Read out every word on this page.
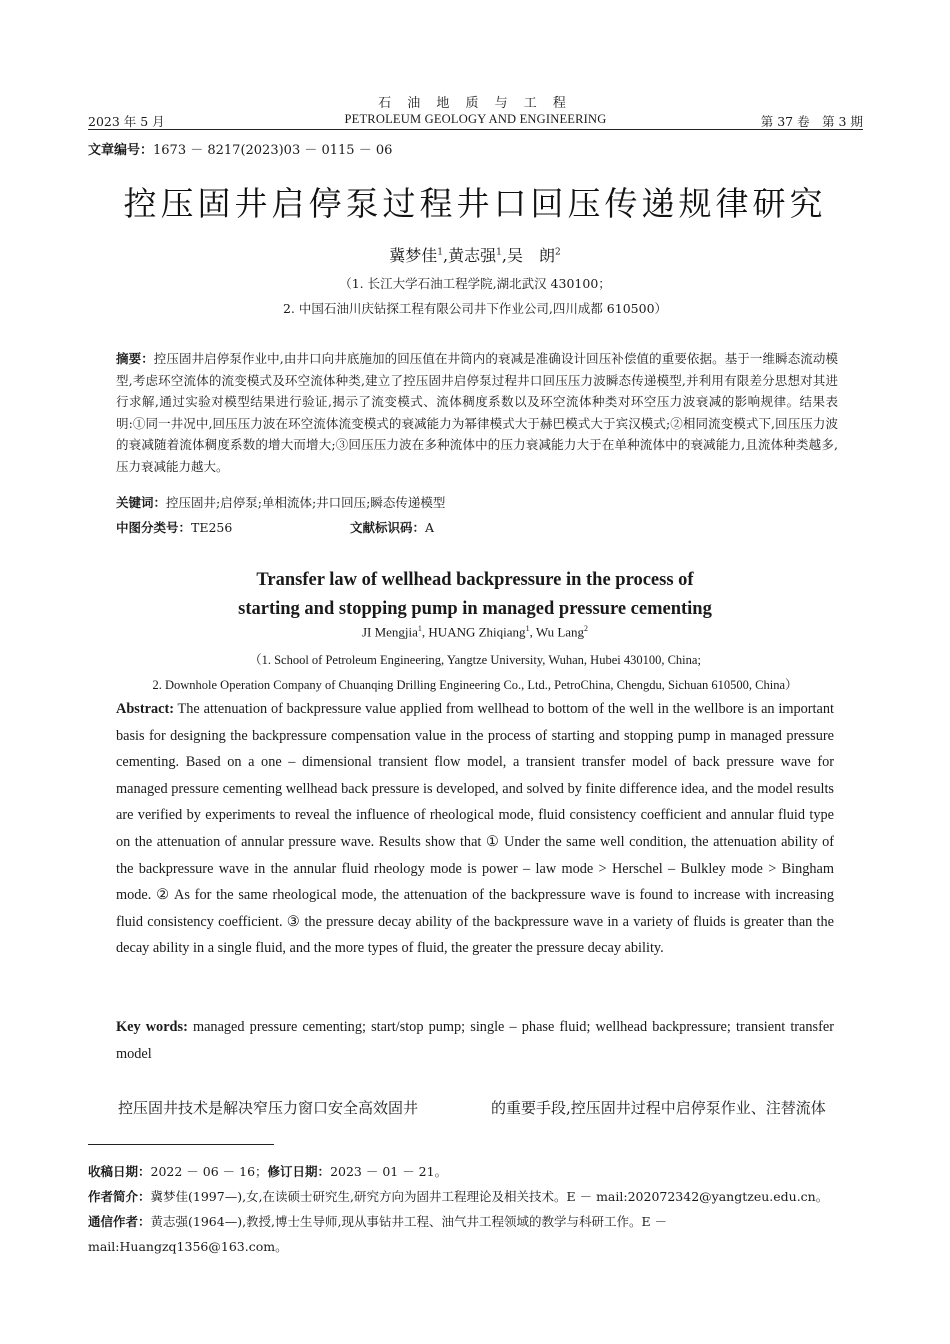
石 油 地 质 与 工 程
2023 年 5 月	PETROLEUM GEOLOGY AND ENGINEERING	第 37 卷　第 3 期
文章编号：1673 － 8217(2023)03 － 0115 － 06
控压固井启停泵过程井口回压传递规律研究
冀梦佳$^1$,黄志强$^1$,吴　朗$^2$
（1. 长江大学石油工程学院,湖北武汉 430100；
2. 中国石油川庆钻探工程有限公司井下作业公司,四川成都 610500）
摘要：控压固井启停泵作业中,由井口向井底施加的回压值在井筒内的衰减是准确设计回压补偿值的重要依据。基于一维瞬态流动模型,考虑环空流体的流变模式及环空流体种类,建立了控压固井启停泵过程井口回压压力波瞬态传递模型,并利用有限差分思想对其进行求解,通过实验对模型结果进行验证,揭示了流变模式、流体稠度系数以及环空流体种类对环空压力波衰减的影响规律。结果表明:①同一井况中,回压压力波在环空流体流变模式的衰减能力为幂律模式大于赫巴模式大于宾汉模式;②相同流变模式下,回压压力波的衰减随着流体稠度系数的增大而增大;③回压压力波在多种流体中的压力衰减能力大于在单种流体中的衰减能力,且流体种类越多,压力衰减能力越大。
关键词：控压固井;启停泵;单相流体;井口回压;瞬态传递模型
中图分类号：TE256	文献标识码：A
Transfer law of wellhead backpressure in the process of
starting and stopping pump in managed pressure cementing
JI Mengjia$^1$, HUANG Zhiqiang$^1$, Wu Lang$^2$
（1. School of Petroleum Engineering, Yangtze University, Wuhan, Hubei 430100, China;
2. Downhole Operation Company of Chuanqing Drilling Engineering Co., Ltd., PetroChina, Chengdu, Sichuan 610500, China）
Abstract: The attenuation of backpressure value applied from wellhead to bottom of the well in the wellbore is an important basis for designing the backpressure compensation value in the process of starting and stopping pump in managed pressure cementing. Based on a one – dimensional transient flow model, a transient transfer model of back pressure wave for managed pressure cementing wellhead back pressure is developed, and solved by finite difference idea, and the model results are verified by experiments to reveal the influence of rheological mode, fluid consistency coefficient and annular fluid type on the attenuation of annular pressure wave. Results show that ① Under the same well condition, the attenuation ability of the backpressure wave in the annular fluid rheology mode is power – law mode > Herschel – Bulkley mode > Bingham mode. ② As for the same rheological mode, the attenuation of the backpressure wave is found to increase with increasing fluid consistency coefficient. ③ the pressure decay ability of the backpressure wave in a variety of fluids is greater than the decay ability in a single fluid, and the more types of fluid, the greater the pressure decay ability.
Key words: managed pressure cementing; start/stop pump; single – phase fluid; wellhead backpressure; transient transfer model
控压固井技术是解决窄压力窗口安全高效固井	的重要手段,控压固井过程中启停泵作业、注替流体
收稿日期：2022 － 06 － 16；修订日期：2023 － 01 － 21。
作者简介：冀梦佳(1997—),女,在读硕士研究生,研究方向为固井工程理论及相关技术。E － mail:202072342@yangtzeu.edu.cn。
通信作者：黄志强(1964—),教授,博士生导师,现从事钻井工程、油气井工程领域的教学与科研工作。E － mail:Huangzq1356@163.com。
